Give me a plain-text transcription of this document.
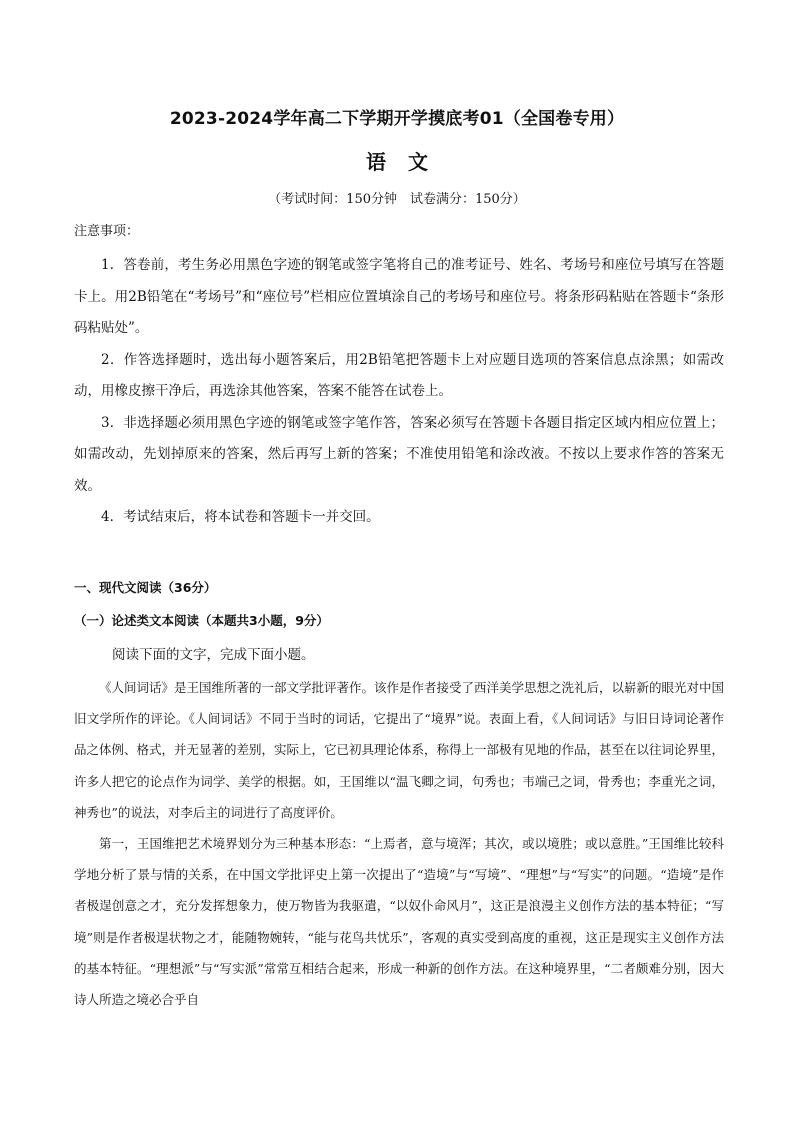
2023-2024学年高二下学期开学摸底考01（全国卷专用）
语文
（考试时间：150分钟　试卷满分：150分）
注意事项：

1．答卷前，考生务必用黑色字迹的钢笔或签字笔将自己的准考证号、姓名、考场号和座位号填写在答题卡上。用2B铅笔在“考场号”和“座位号”栏相应位置填涂自己的考场号和座位号。将条形码粘贴在答题卡“条形码粘贴处”。

2．作答选择题时，选出每小题答案后，用2B铅笔把答题卡上对应题目选项的答案信息点涂黑；如需改动，用橡皮擦干净后，再选涂其他答案，答案不能答在试卷上。

3．非选择题必须用黑色字迹的钢笔或签字笔作答，答案必须写在答题卡各题目指定区域内相应位置上；如需改动，先划掉原来的答案，然后再写上新的答案；不准使用铅笔和涂改液。不按以上要求作答的答案无效。

4．考试结束后，将本试卷和答题卡一并交回。

一、现代文阅读（36分）
（一）论述类文本阅读（本题共3小题，9分）
阅读下面的文字，完成下面小题。

《人间词话》是王国维所著的一部文学批评著作。该作是作者接受了西洋美学思想之洗礼后，以崭新的眼光对中国旧文学所作的评论。《人间词话》不同于当时的词话，它提出了“境界”说。表面上看，《人间词话》与旧日诗词论著作品之体例、格式，并无显著的差别，实际上，它已初具理论体系，称得上一部极有见地的作品，甚至在以往词论界里，许多人把它的论点作为词学、美学的根据。如，王国维以“温飞卿之词，句秀也；韦端己之词，骨秀也；李重光之词，神秀也”的说法，对李后主的词进行了高度评价。

第一，王国维把艺术境界划分为三种基本形态：“上焉者，意与境浑；其次，或以境胜；或以意胜。”王国维比较科学地分析了景与情的关系，在中国文学批评史上第一次提出了“造境”与“写境”、“理想”与“写实”的问题。“造境”是作者极逞创意之才，充分发挥想象力，使万物皆为我驱遣，“以奴仆命风月”，这正是浪漫主义创作方法的基本特征；“写境”则是作者极逞状物之才，能随物婉转，“能与花鸟共忧乐”，客观的真实受到高度的重视，这正是现实主义创作方法的基本特征。“理想派”与“写实派”常常互相结合起来，形成一种新的创作方法。在这种境界里，“二者颇难分别，因大诗人所造之境必合乎自
